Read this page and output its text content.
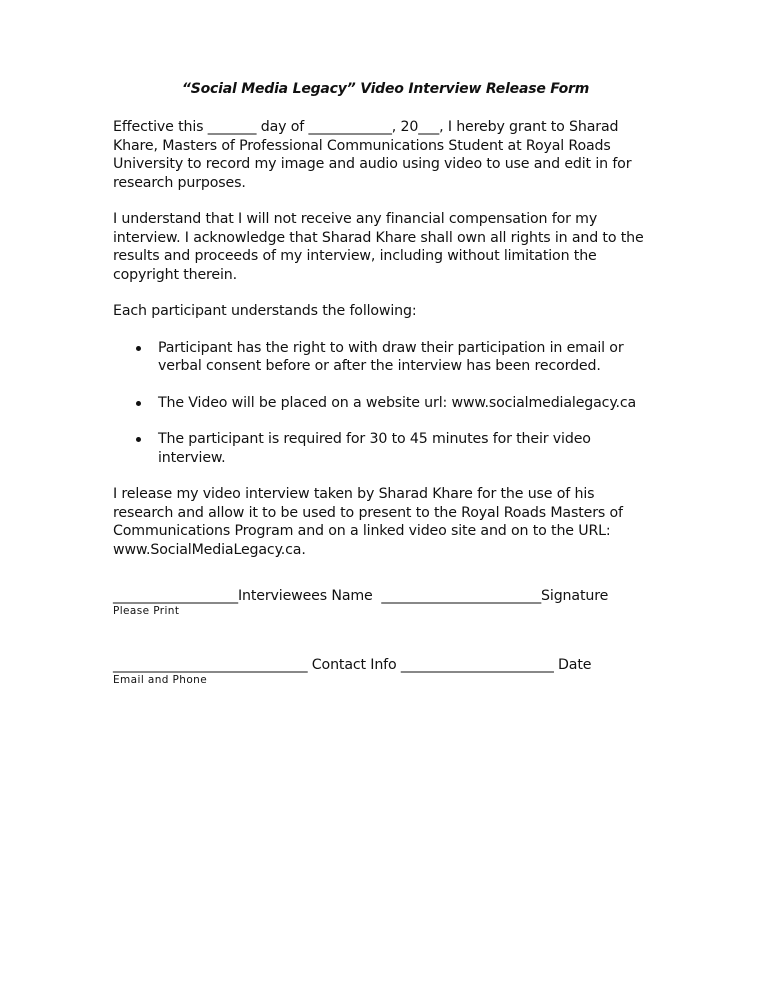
“Social Media Legacy” Video Interview Release Form

Effective this _______ day of ____________, 20___, I hereby grant to Sharad Khare, Masters of Professional Communications Student at Royal Roads University to record my image and audio using video to use and edit in for research purposes.

I understand that I will not receive any financial compensation for my interview. I acknowledge that Sharad Khare shall own all rights in and to the results and proceeds of my interview, including without limitation the copyright therein.

Each participant understands the following:

Participant has the right to with draw their participation in email or verbal consent before or after the interview has been recorded.
The Video will be placed on a website url: www.socialmedialegacy.ca
The participant is required for 30 to 45 minutes for their video interview.

I release my video interview taken by Sharad Khare for the use of his research and allow it to be used to present to the Royal Roads Masters of Communications Program and on a linked video site and on to the URL: www.SocialMediaLegacy.ca.

__________________Interviewees Name  _______________________Signature
Please Print
____________________________ Contact Info ______________________ Date
Email and Phone
